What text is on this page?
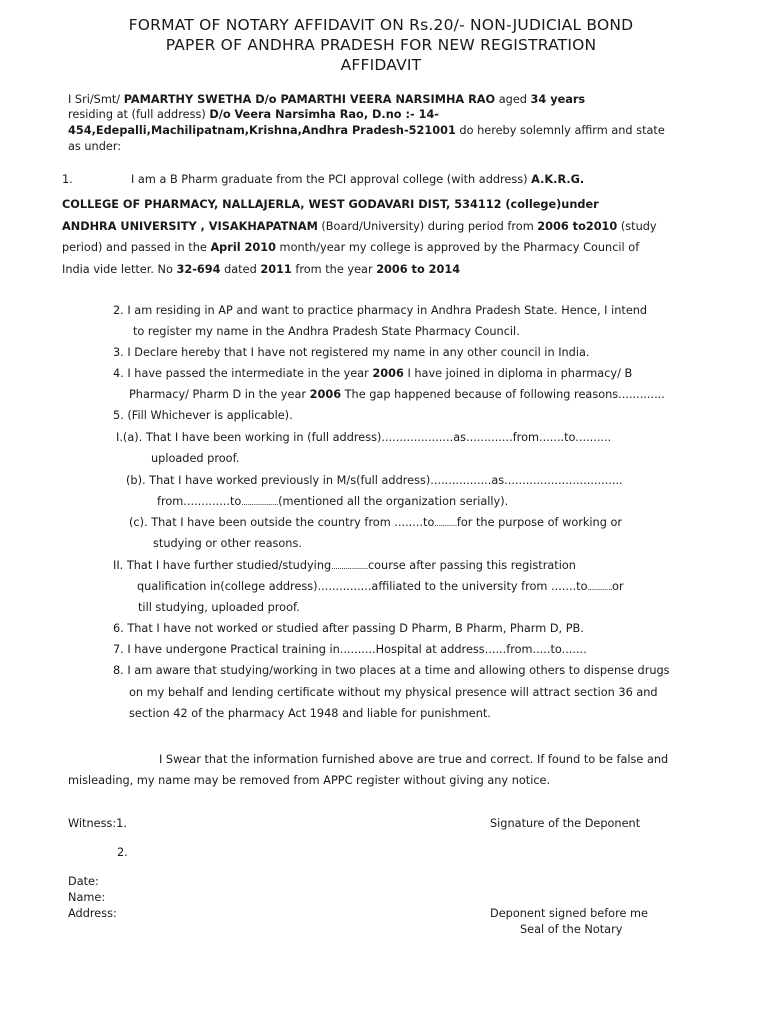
FORMAT OF NOTARY AFFIDAVIT ON Rs.20/- NON-JUDICIAL BOND
PAPER OF ANDHRA PRADESH FOR NEW REGISTRATION
AFFIDAVIT
I Sri/Smt/ PAMARTHY SWETHA D/o PAMARTHI VEERA NARSIMHA RAO aged 34 years
residing at (full address) D/o Veera Narsimha Rao, D.no :- 14-
454,Edepalli,Machilipatnam,Krishna,Andhra Pradesh-521001 do hereby solemnly affirm and state
as under:
1.	I am a B Pharm graduate from the PCI approval college (with address) A.K.R.G.
COLLEGE OF PHARMACY, NALLAJERLA, WEST GODAVARI DIST, 534112 (college)under
ANDHRA UNIVERSITY , VISAKHAPATNAM (Board/University) during period from 2006 to2010 (study
period) and passed in the April 2010 month/year my college is approved by the Pharmacy Council of
India vide letter. No 32-694 dated 2011 from the year 2006 to 2014
2. I am residing in AP and want to practice pharmacy in Andhra Pradesh State. Hence, I intend
to register my name in the Andhra Pradesh State Pharmacy Council.
3. I Declare hereby that I have not registered my name in any other council in India.
4. I have passed the intermediate in the year 2006 I have joined in diploma in pharmacy/ B
Pharmacy/ Pharm D in the year 2006 The gap happened because of following reasons.............
5. (Fill Whichever is applicable).
I.(a). That I have been working in (full address)....................as.............from.......to..........
uploaded proof.
(b). That I have worked previously in M/s(full address).................as.................................
from.............to..................(mentioned all the organization serially).
(c). That I have been outside the country from ........to...........for the purpose of working or
studying or other reasons.
II. That I have further studied/studying..................course after passing this registration
qualification in(college address)...............affiliated to the university from .......to............or
till studying, uploaded proof.
6. That I have not worked or studied after passing D Pharm, B Pharm, Pharm D, PB.
7. I have undergone Practical training in..........Hospital at address......from.....to.......
8. I am aware that studying/working in two places at a time and allowing others to dispense drugs
on my behalf and lending certificate without my physical presence will attract section 36 and
section 42 of the pharmacy Act 1948 and liable for punishment.
I Swear that the information furnished above are true and correct. If found to be false and
misleading, my name may be removed from APPC register without giving any notice.
Witness:1.	Signature of the Deponent
2.
Date:
Name:
Address:	Deponent signed before me
Seal of the Notary
